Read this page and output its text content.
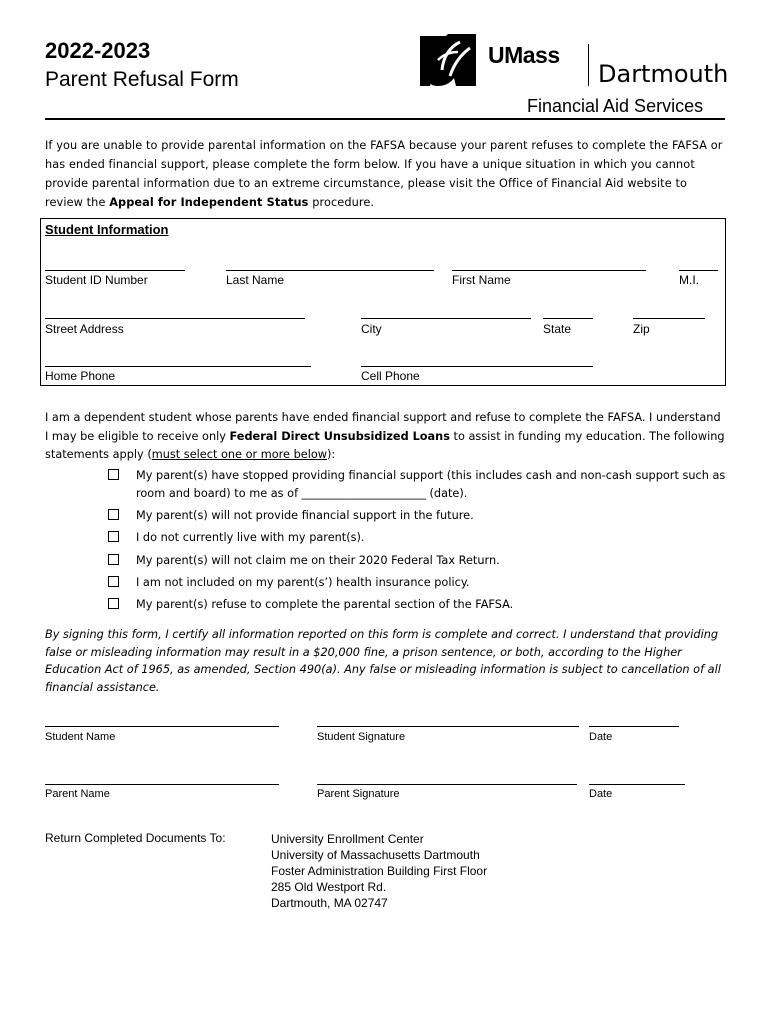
2022-2023
Parent Refusal Form
UMass
Dartmouth
Financial Aid Services
If you are unable to provide parental information on the FAFSA because your parent refuses to complete the FAFSA or has ended financial support, please complete the form below. If you have a unique situation in which you cannot provide parental information due to an extreme circumstance, please visit the Office of Financial Aid website to review the Appeal for Independent Status procedure.
Student Information
Student ID Number	Last Name	First Name	M.I.
Street Address	City	State	Zip
Home Phone	Cell Phone
I am a dependent student whose parents have ended financial support and refuse to complete the FAFSA. I understand I may be eligible to receive only Federal Direct Unsubsidized Loans to assist in funding my education. The following statements apply (must select one or more below):
My parent(s) have stopped providing financial support (this includes cash and non-cash support such as room and board) to me as of ______________________ (date).
My parent(s) will not provide financial support in the future.
I do not currently live with my parent(s).
My parent(s) will not claim me on their 2020 Federal Tax Return.
I am not included on my parent(s’) health insurance policy.
My parent(s) refuse to complete the parental section of the FAFSA.
By signing this form, I certify all information reported on this form is complete and correct. I understand that providing false or misleading information may result in a $20,000 fine, a prison sentence, or both, according to the Higher Education Act of 1965, as amended, Section 490(a). Any false or misleading information is subject to cancellation of all financial assistance.
Student Name	Student Signature	Date
Parent Name	Parent Signature	Date
Return Completed Documents To:	University Enrollment Center
University of Massachusetts Dartmouth
Foster Administration Building First Floor
285 Old Westport Rd.
Dartmouth, MA 02747
